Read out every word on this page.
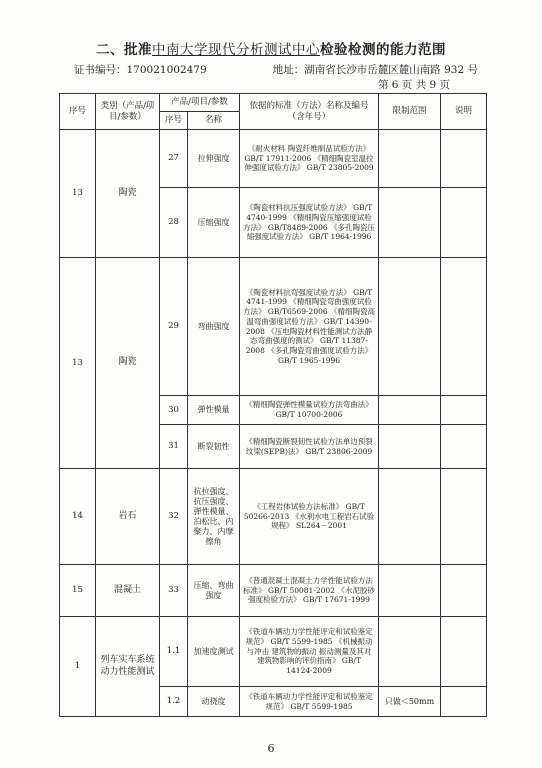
二、批准中南大学现代分析测试中心检验检测的能力范围
证书编号：170021002479	地址：湖南省长沙市岳麓区麓山南路 932 号
第 6 页 共 9 页
序号	类别（产品/项目/参数）	产品/项目/参数		依据的标准（方法）名称及编号（含年号）	限制范围	说明
		序号	名称			
13	陶瓷	27	拉伸强度	《耐火材料 陶瓷纤维制品试验方法》 GB/T 17911-2006 《精细陶瓷室温拉伸强度试验方法》 GB/T 23805-2009		
		28	压缩强度	《陶瓷材料抗压强度试验方法》 GB/T 4740-1999 《精细陶瓷压缩强度试验方法》 GB/T8489-2006 《多孔陶瓷压缩强度试验方法》 GB/T 1964-1996		
13	陶瓷	29	弯曲强度	《陶瓷材料抗弯强度试验方法》 GB/T 4741-1999 《精细陶瓷弯曲强度试验方法》 GB/T6569-2006 《精细陶瓷高温弯曲强度试验方法》 GB/T 14390-2008 《压电陶瓷材料性能测试方法静态弯曲强度的测试》 GB/T 11387-2008 《多孔陶瓷弯曲强度试验方法》 GB/T 1965-1996		
		30	弹性模量	《精细陶瓷弹性模量试验方法弯曲法》 GB/T 10700-2006		
		31	断裂韧性	《精细陶瓷断裂韧性试验方法单边预裂纹梁(SEPB)法》 GB/T 23806-2009		
14	岩石	32	抗拉强度、抗压强度、弹性模量、泊松比、内聚力、内摩擦角	《工程岩体试验方法标准》 GB/T 50266-2013 《水利水电工程岩石试验规程》 SL264－2001		
15	混凝土	33	压缩、弯曲强度	《普通混凝土混凝土力学性能试验方法标准》 GB/T 50081-2002 《水泥胶砂强度检验方法》 GB/T 17671-1999		
1	列车实车系统动力性能测试	1.1	加速度测试	《铁道车辆动力学性能评定和试验鉴定规范》 GB/T 5599-1985 《机械振动与冲击 建筑物的振动 振动测量及其对建筑物影响的评价指南》 GB/T 14124-2009		
		1.2	动挠度	《铁道车辆动力学性能评定和试验鉴定规范》 GB/T 5599-1985	只做＜50mm	
6
